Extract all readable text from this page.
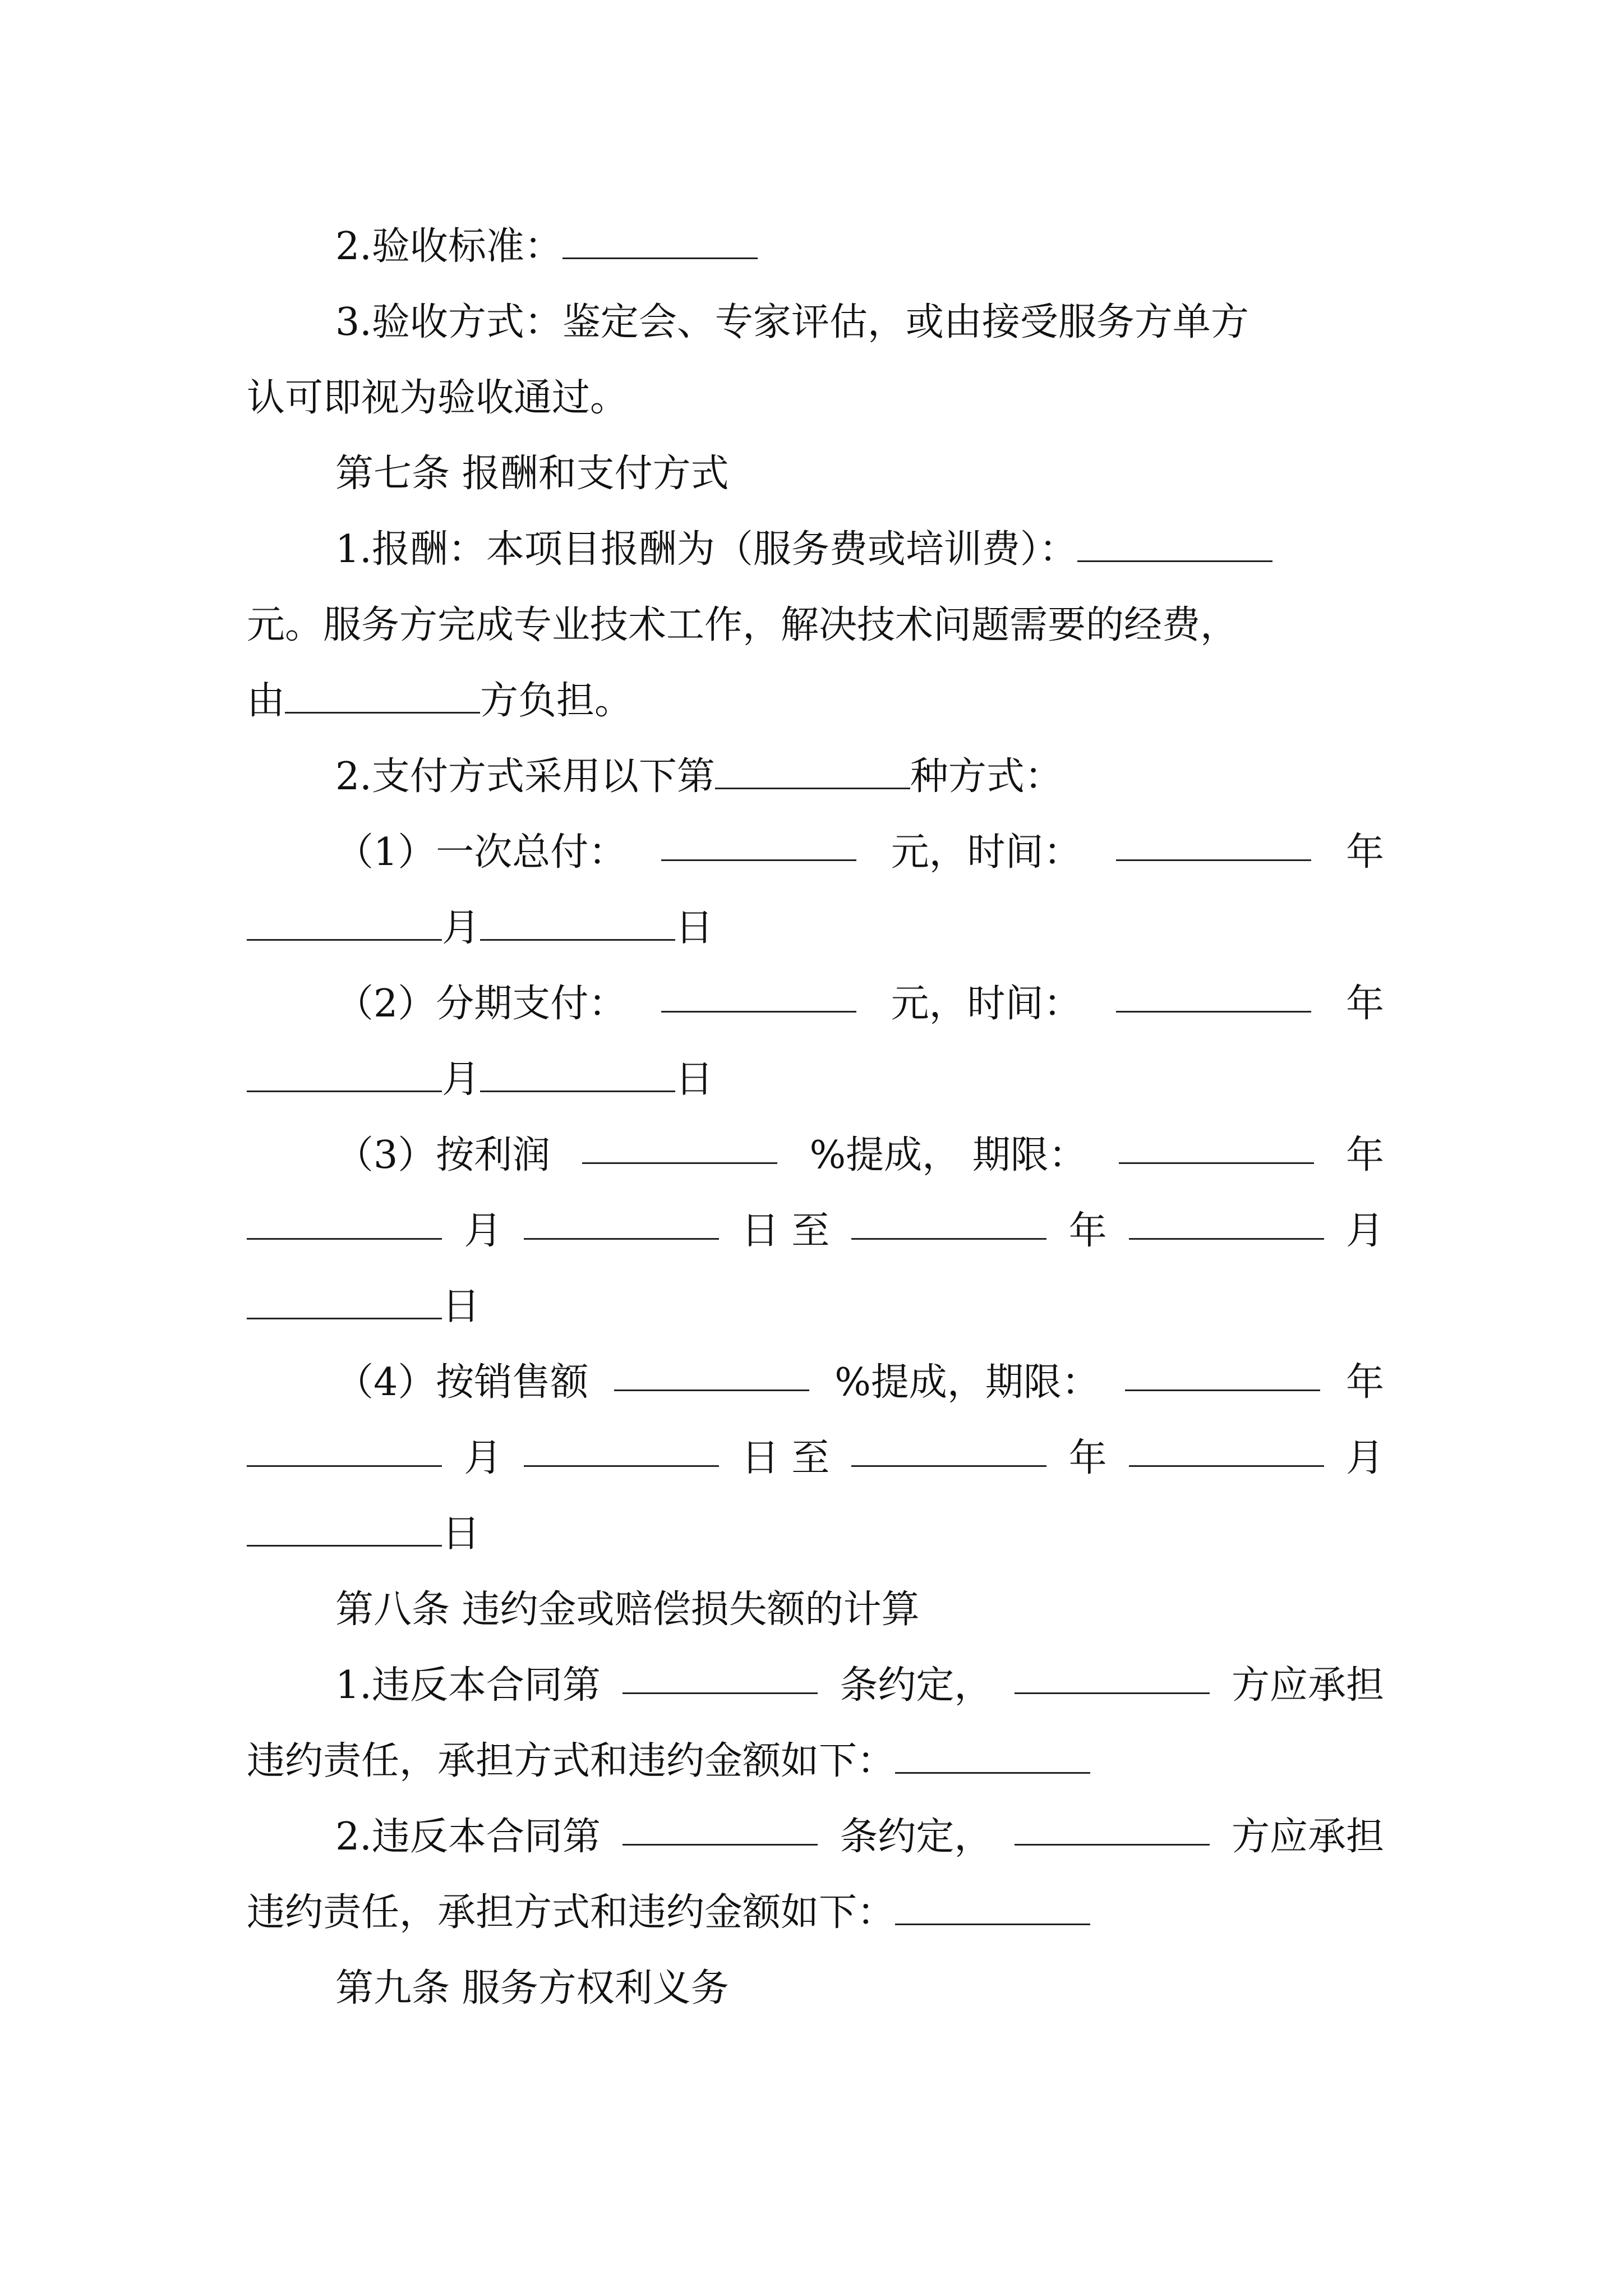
2.验收标准：
3.验收方式：鉴定会、专家评估，或由接受服务方单方
认可即视为验收通过。
第七条 报酬和支付方式
1.报酬：本项目报酬为（服务费或培训费）：
元。服务方完成专业技术工作，解决技术问题需要的经费，
由	方负担。
2.支付方式采用以下第	种方式：
（1）一次总付：	元，时间：	年
月	日
（2）分期支付：	元，时间：	年
月	日
（3）按利润	%提成， 期限：	年
月	日 至	年	月
日
（4）按销售额	%提成，期限：	年
月	日 至	年	月
日
第八条 违约金或赔偿损失额的计算
1.违反本合同第	条约定，	方应承担
违约责任，承担方式和违约金额如下：
2.违反本合同第	条约定，	方应承担
违约责任，承担方式和违约金额如下：
第九条 服务方权利义务
